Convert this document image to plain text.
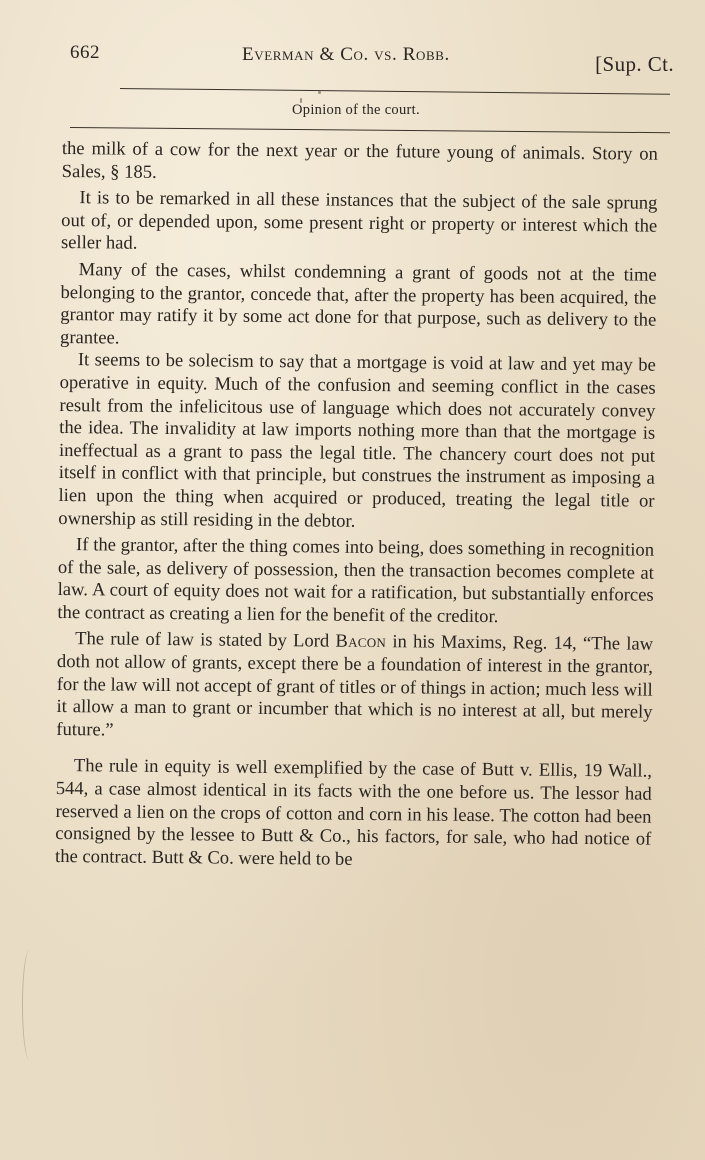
662	Everman & Co. vs. Robb.	[Sup. Ct.
Opinion of the court.

the milk of a cow for the next year or the future young of animals. Story on Sales, § 185.

It is to be remarked in all these instances that the subject of the sale sprung out of, or depended upon, some present right or property or interest which the seller had.

Many of the cases, whilst condemning a grant of goods not at the time belonging to the grantor, concede that, after the property has been acquired, the grantor may ratify it by some act done for that purpose, such as delivery to the grantee.

It seems to be solecism to say that a mortgage is void at law and yet may be operative in equity. Much of the confusion and seeming conflict in the cases result from the infelicitous use of language which does not accurately convey the idea. The invalidity at law imports nothing more than that the mortgage is ineffectual as a grant to pass the legal title. The chancery court does not put itself in conflict with that principle, but construes the instrument as imposing a lien upon the thing when acquired or produced, treating the legal title or ownership as still residing in the debtor.

If the grantor, after the thing comes into being, does something in recognition of the sale, as delivery of possession, then the transaction becomes complete at law. A court of equity does not wait for a ratification, but substantially enforces the contract as creating a lien for the benefit of the creditor.

The rule of law is stated by Lord Bacon in his Maxims, Reg. 14, “The law doth not allow of grants, except there be a foundation of interest in the grantor, for the law will not accept of grant of titles or of things in action; much less will it allow a man to grant or incumber that which is no interest at all, but merely future.”

The rule in equity is well exemplified by the case of Butt v. Ellis, 19 Wall., 544, a case almost identical in its facts with the one before us. The lessor had reserved a lien on the crops of cotton and corn in his lease. The cotton had been consigned by the lessee to Butt & Co., his factors, for sale, who had notice of the contract. Butt & Co. were held to be
